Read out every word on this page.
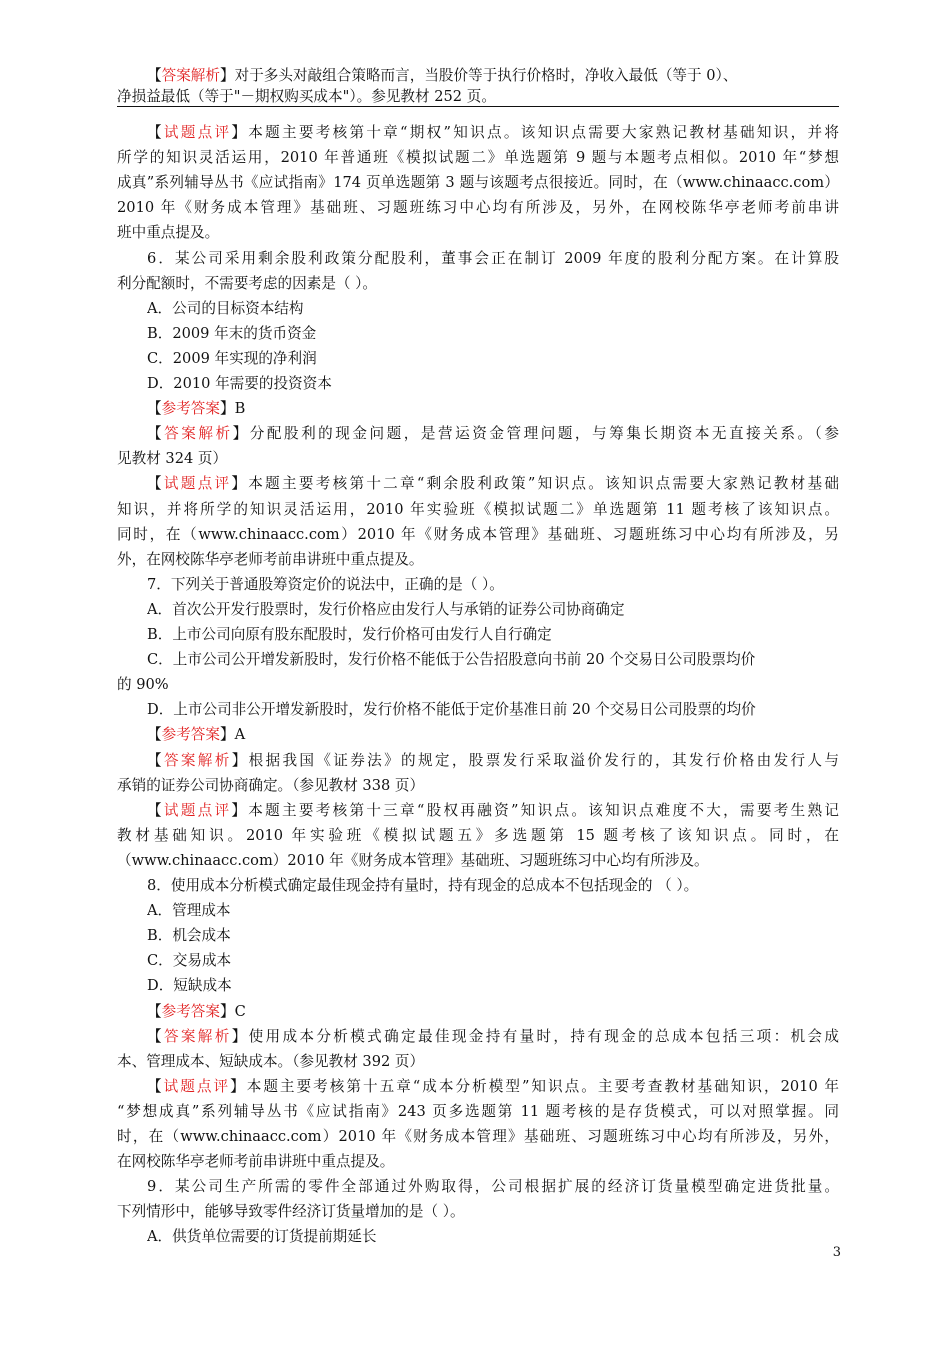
【答案解析】对于多头对敲组合策略而言，当股价等于执行价格时，净收入最低（等于 0）、
净损益最低（等于"－期权购买成本"）。参见教材 252 页。
【试题点评】本题主要考核第十章“期权”知识点。该知识点需要大家熟记教材基础知识，并将
所学的知识灵活运用，2010 年普通班《模拟试题二》单选题第 9 题与本题考点相似。2010 年“梦想
成真”系列辅导丛书《应试指南》174 页单选题第 3 题与该题考点很接近。同时，在（www.chinaacc.com）
2010 年《财务成本管理》基础班、习题班练习中心均有所涉及，另外，在网校陈华亭老师考前串讲
班中重点提及。
6．某公司采用剩余股利政策分配股利，董事会正在制订 2009 年度的股利分配方案。在计算股
利分配额时，不需要考虑的因素是（ ）。
A．公司的目标资本结构
B．2009 年末的货币资金
C．2009 年实现的净利润
D．2010 年需要的投资资本
【参考答案】B
【答案解析】分配股利的现金问题，是营运资金管理问题，与筹集长期资本无直接关系。（参
见教材 324 页）
【试题点评】本题主要考核第十二章“剩余股利政策”知识点。该知识点需要大家熟记教材基础
知识，并将所学的知识灵活运用，2010 年实验班《模拟试题二》单选题第 11 题考核了该知识点。
同时，在（www.chinaacc.com）2010 年《财务成本管理》基础班、习题班练习中心均有所涉及，另
外，在网校陈华亭老师考前串讲班中重点提及。
7．下列关于普通股筹资定价的说法中，正确的是（ ）。
A．首次公开发行股票时，发行价格应由发行人与承销的证券公司协商确定
B．上市公司向原有股东配股时，发行价格可由发行人自行确定
C．上市公司公开增发新股时，发行价格不能低于公告招股意向书前 20 个交易日公司股票均价
的 90%
D．上市公司非公开增发新股时，发行价格不能低于定价基准日前 20 个交易日公司股票的均价
【参考答案】A
【答案解析】根据我国《证券法》的规定，股票发行采取溢价发行的，其发行价格由发行人与
承销的证券公司协商确定。（参见教材 338 页）
【试题点评】本题主要考核第十三章“股权再融资”知识点。该知识点难度不大，需要考生熟记
教材基础知识。2010 年实验班《模拟试题五》多选题第 15 题考核了该知识点。同时，在
（www.chinaacc.com）2010 年《财务成本管理》基础班、习题班练习中心均有所涉及。
8．使用成本分析模式确定最佳现金持有量时，持有现金的总成本不包括现金的 （ ）。
A．管理成本
B．机会成本
C．交易成本
D．短缺成本
【参考答案】C
【答案解析】使用成本分析模式确定最佳现金持有量时，持有现金的总成本包括三项：机会成
本、管理成本、短缺成本。（参见教材 392 页）
【试题点评】本题主要考核第十五章“成本分析模型”知识点。主要考查教材基础知识，2010 年
“梦想成真”系列辅导丛书《应试指南》243 页多选题第 11 题考核的是存货模式，可以对照掌握。同
时，在（www.chinaacc.com）2010 年《财务成本管理》基础班、习题班练习中心均有所涉及，另外，
在网校陈华亭老师考前串讲班中重点提及。
9．某公司生产所需的零件全部通过外购取得，公司根据扩展的经济订货量模型确定进货批量。
下列情形中，能够导致零件经济订货量增加的是（ ）。
A．供货单位需要的订货提前期延长
3
